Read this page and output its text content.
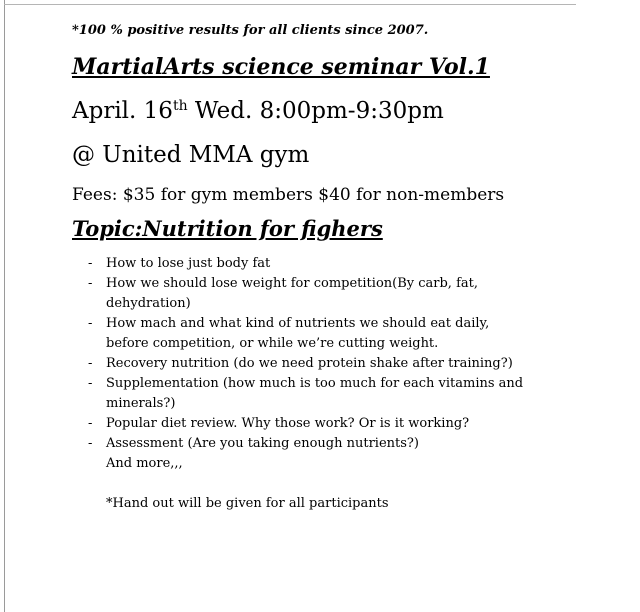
*100 % positive results for all clients since 2007.

MartialArts science seminar Vol.1

April. 16th Wed. 8:00pm-9:30pm

@ United MMA gym

Fees: $35 for gym members $40 for non-members

Topic:Nutrition for fighers
- How to lose just body fat
- How we should lose weight for competition(By carb, fat, dehydration)
- How mach and what kind of nutrients we should eat daily, before competition, or while we’re cutting weight.
- Recovery nutrition (do we need protein shake after training?)
- Supplementation (how much is too much for each vitamins and minerals?)
- Popular diet review. Why those work? Or is it working?
- Assessment (Are you taking enough nutrients?)

And more,,,

*Hand out will be given for all participants
